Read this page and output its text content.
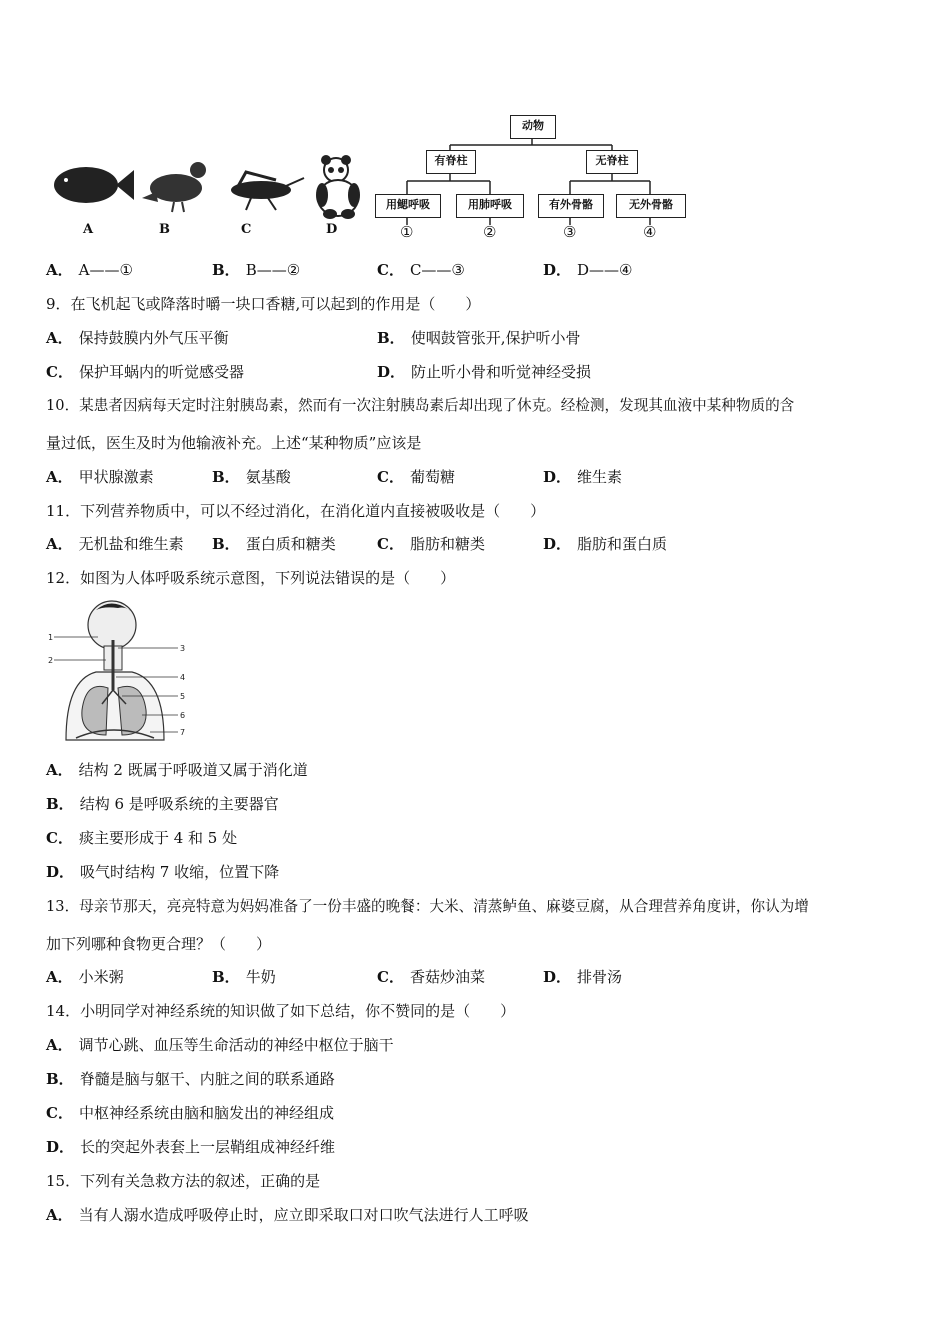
A	B	C	D
动物
有脊柱	无脊柱
用鳃呼吸	用肺呼吸	有外骨骼	无外骨骼
①	②	③	④
A． A——①	B． B——②	C． C——③	D． D——④
9．在飞机起飞或降落时嚼一块口香糖,可以起到的作用是（　　）
A． 保持鼓膜内外气压平衡	B． 使咽鼓管张开,保护听小骨
C． 保护耳蜗内的听觉感受器	D． 防止听小骨和听觉神经受损
10．某患者因病每天定时注射胰岛素，然而有一次注射胰岛素后却出现了休克。经检测，发现其血液中某种物质的含
量过低，医生及时为他输液补充。上述“某种物质”应该是
A． 甲状腺激素	B． 氨基酸	C． 葡萄糖	D． 维生素
11．下列营养物质中，可以不经过消化，在消化道内直接被吸收是（　　）
A． 无机盐和维生素 B． 蛋白质和糖类	C． 脂肪和糖类	D． 脂肪和蛋白质
12．如图为人体呼吸系统示意图，下列说法错误的是（　　）
1
2
3
4
5
6
7
A． 结构 2 既属于呼吸道又属于消化道
B． 结构 6 是呼吸系统的主要器官
C． 痰主要形成于 4 和 5 处
D． 吸气时结构 7 收缩，位置下降
13．母亲节那天，亮亮特意为妈妈准备了一份丰盛的晚餐：大米、清蒸鲈鱼、麻婆豆腐，从合理营养角度讲，你认为增
加下列哪种食物更合理？（　　）
A． 小米粥	B． 牛奶	C． 香菇炒油菜	D． 排骨汤
14．小明同学对神经系统的知识做了如下总结，你不赞同的是（　　）
A． 调节心跳、血压等生命活动的神经中枢位于脑干
B． 脊髓是脑与躯干、内脏之间的联系通路
C． 中枢神经系统由脑和脑发出的神经组成
D． 长的突起外表套上一层鞘组成神经纤维
15．下列有关急救方法的叙述，正确的是
A． 当有人溺水造成呼吸停止时，应立即采取口对口吹气法进行人工呼吸
